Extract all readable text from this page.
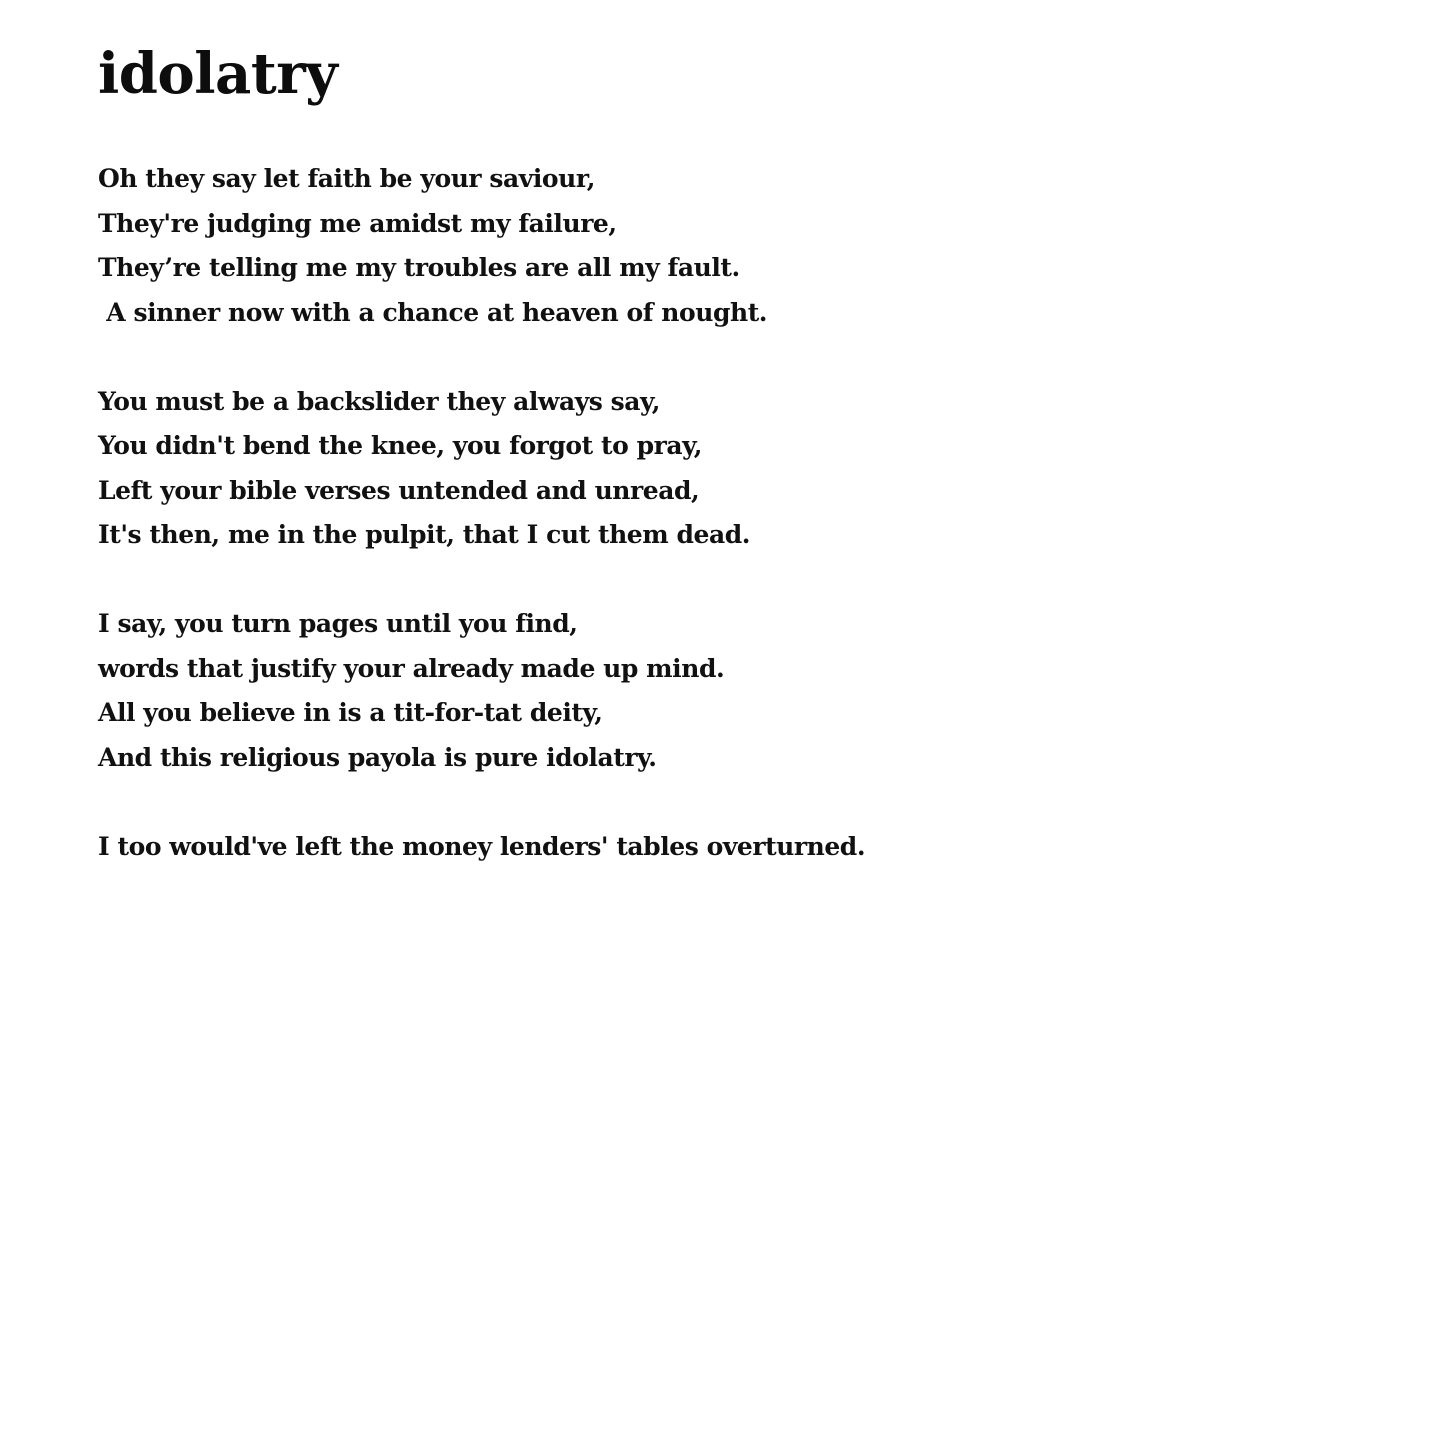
idolatry
Oh they say let faith be your saviour,
They're judging me amidst my failure,
They’re telling me my troubles are all my fault.
A sinner now with a chance at heaven of nought.
You must be a backslider they always say,
You didn't bend the knee, you forgot to pray,
Left your bible verses untended and unread,
It's then, me in the pulpit, that I cut them dead.
I say, you turn pages until you find,
words that justify your already made up mind.
All you believe in is a tit-for-tat deity,
And this religious payola is pure idolatry.
I too would've left the money lenders' tables overturned.
